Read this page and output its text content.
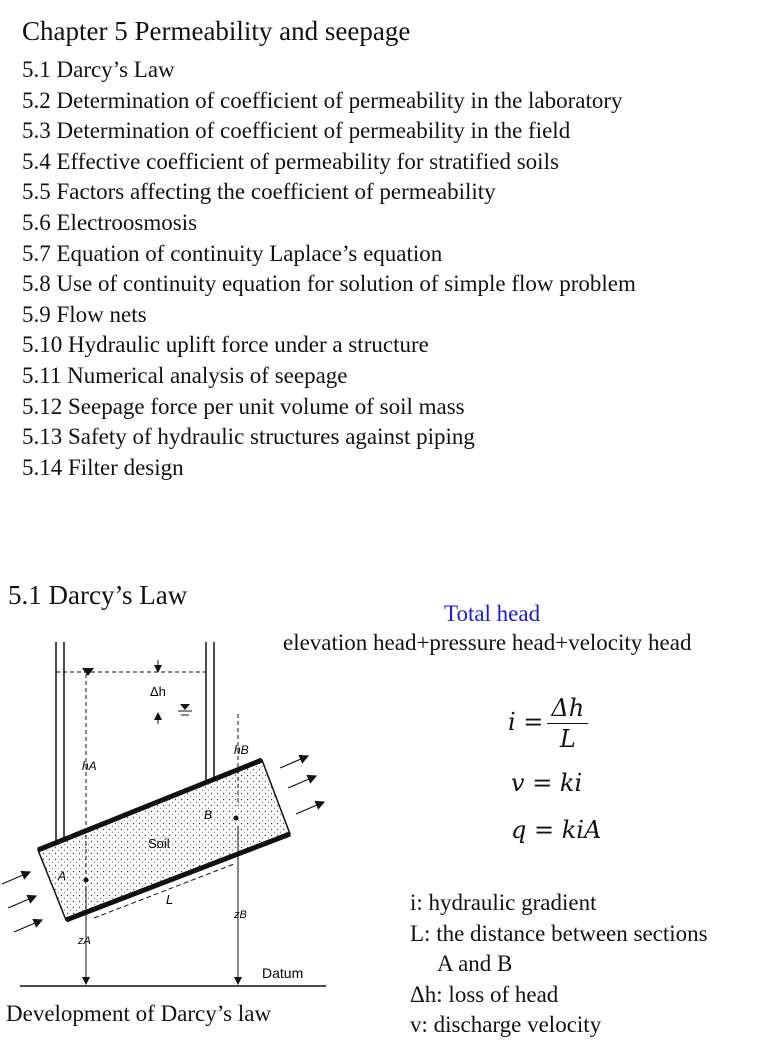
Chapter 5 Permeability and seepage
5.1 Darcy’s Law
5.2 Determination of coefficient of permeability in the laboratory
5.3 Determination of coefficient of permeability in the field
5.4 Effective coefficient of permeability for stratified soils
5.5 Factors affecting the coefficient of permeability
5.6 Electroosmosis
5.7 Equation of continuity Laplace’s equation
5.8 Use of continuity equation for solution of simple flow problem
5.9 Flow nets
5.10 Hydraulic uplift force under a structure
5.11 Numerical analysis of seepage
5.12 Seepage force per unit volume of soil mass
5.13 Safety of hydraulic structures against piping
5.14 Filter design
5.1 Darcy’s Law
Total head
elevation head+pressure head+velocity head
$i = \frac{\Delta h}{L}$
v = ki
q = kiA
i: hydraulic gradient
L: the distance between sections
A and B
Δh: loss of head
v: discharge velocity
Δh
hA
hB
Soil
B
A
L
zA
zB
Datum
Development of Darcy’s law
